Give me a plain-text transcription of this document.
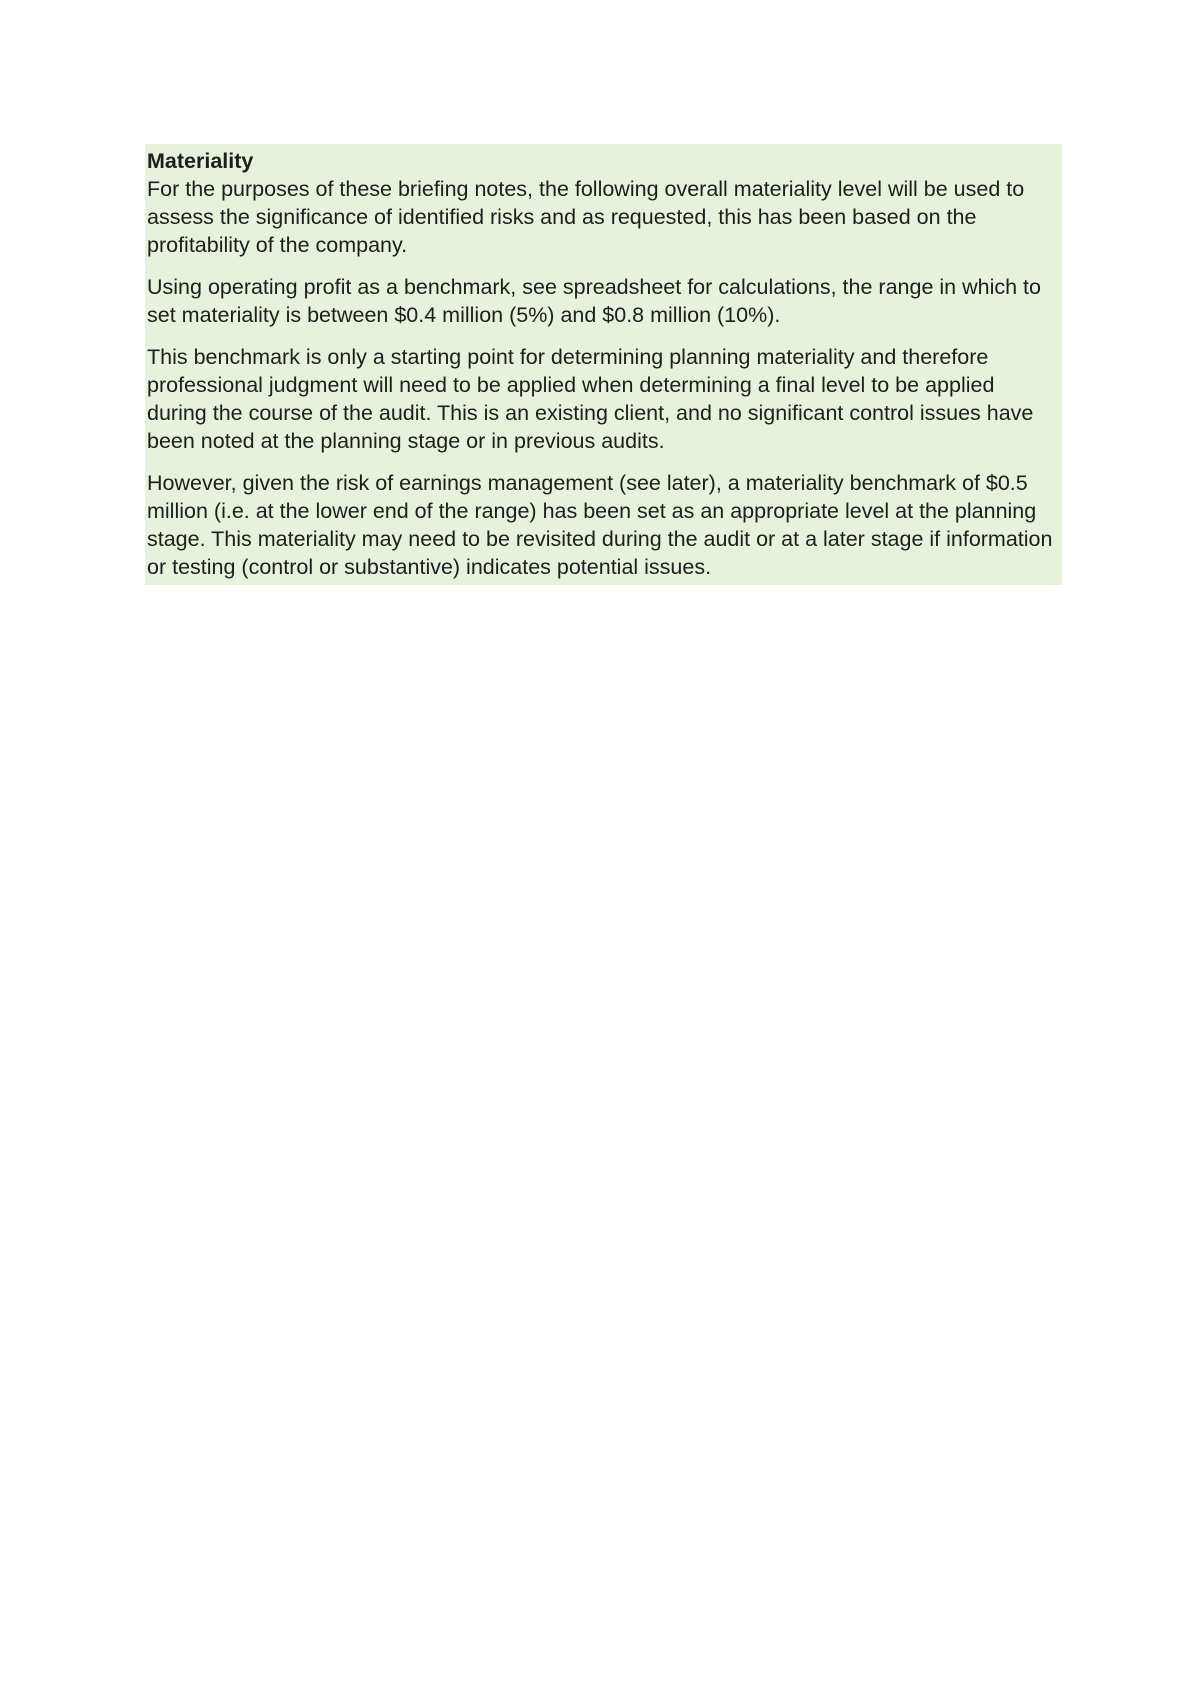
Materiality

For the purposes of these briefing notes, the following overall materiality level will be used to assess the significance of identified risks and as requested, this has been based on the profitability of the company.

Using operating profit as a benchmark, see spreadsheet for calculations, the range in which to set materiality is between $0.4 million (5%) and $0.8 million (10%).

This benchmark is only a starting point for determining planning materiality and therefore professional judgment will need to be applied when determining a final level to be applied during the course of the audit. This is an existing client, and no significant control issues have been noted at the planning stage or in previous audits.

However, given the risk of earnings management (see later), a materiality benchmark of $0.5 million (i.e. at the lower end of the range) has been set as an appropriate level at the planning stage. This materiality may need to be revisited during the audit or at a later stage if information or testing (control or substantive) indicates potential issues.
